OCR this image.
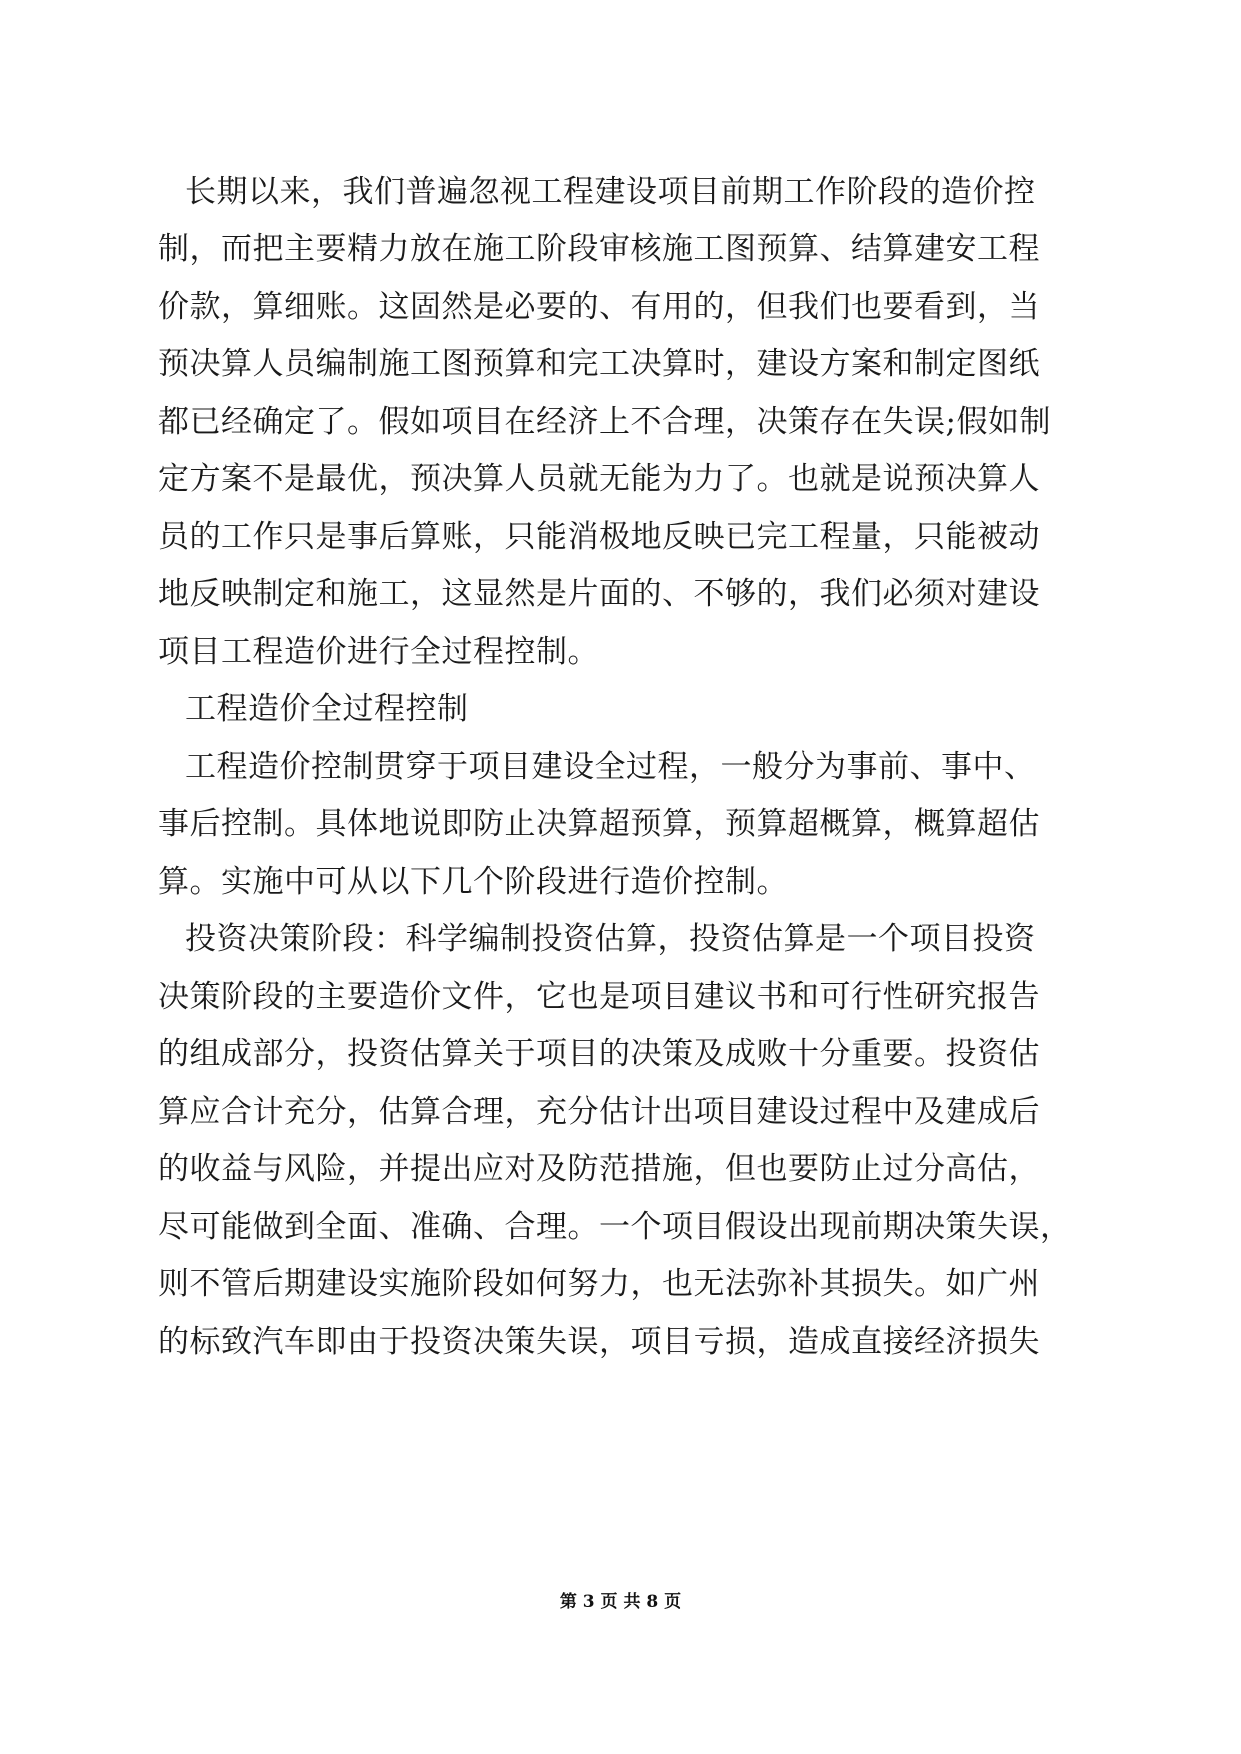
长期以来，我们普遍忽视工程建设项目前期工作阶段的造价控
制，而把主要精力放在施工阶段审核施工图预算、结算建安工程
价款，算细账。这固然是必要的、有用的，但我们也要看到，当
预决算人员编制施工图预算和完工决算时，建设方案和制定图纸
都已经确定了。假如项目在经济上不合理，决策存在失误;假如制
定方案不是最优，预决算人员就无能为力了。也就是说预决算人
员的工作只是事后算账，只能消极地反映已完工程量，只能被动
地反映制定和施工，这显然是片面的、不够的，我们必须对建设
项目工程造价进行全过程控制。
工程造价全过程控制
工程造价控制贯穿于项目建设全过程，一般分为事前、事中、
事后控制。具体地说即防止决算超预算，预算超概算，概算超估
算。实施中可从以下几个阶段进行造价控制。
投资决策阶段：科学编制投资估算，投资估算是一个项目投资
决策阶段的主要造价文件，它也是项目建议书和可行性研究报告
的组成部分，投资估算关于项目的决策及成败十分重要。投资估
算应合计充分，估算合理，充分估计出项目建设过程中及建成后
的收益与风险，并提出应对及防范措施，但也要防止过分高估，
尽可能做到全面、准确、合理。一个项目假设出现前期决策失误，
则不管后期建设实施阶段如何努力，也无法弥补其损失。如广州
的标致汽车即由于投资决策失误，项目亏损，造成直接经济损失
第 3 页 共 8 页
